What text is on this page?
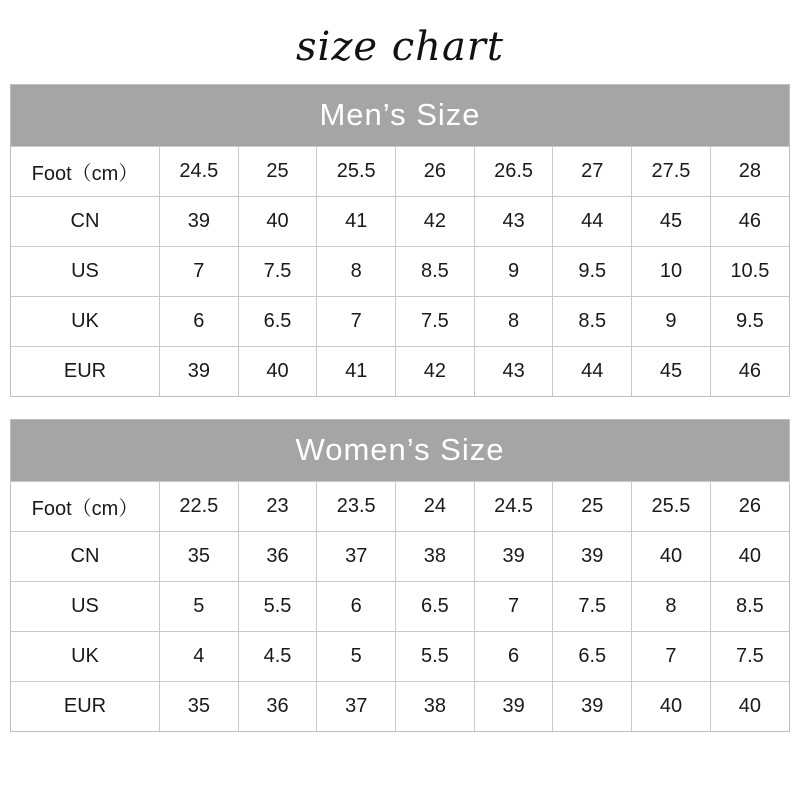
size chart
Men’s Size
Foot（cm）	24.5	25	25.5	26	26.5	27	27.5	28
CN	39	40	41	42	43	44	45	46
US	7	7.5	8	8.5	9	9.5	10	10.5
UK	6	6.5	7	7.5	8	8.5	9	9.5
EUR	39	40	41	42	43	44	45	46
Women’s Size
Foot（cm）	22.5	23	23.5	24	24.5	25	25.5	26
CN	35	36	37	38	39	39	40	40
US	5	5.5	6	6.5	7	7.5	8	8.5
UK	4	4.5	5	5.5	6	6.5	7	7.5
EUR	35	36	37	38	39	39	40	40
